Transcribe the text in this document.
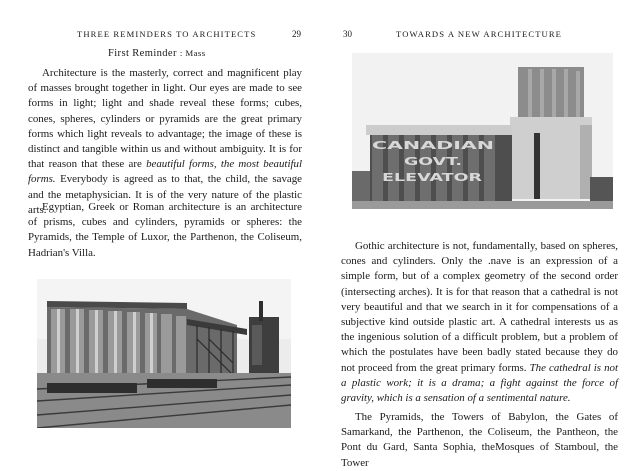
THREE REMINDERS TO ARCHITECTS	29
First Reminder : Mass

Architecture is the masterly, correct and magnificent play of masses brought together in light. Our eyes are made to see forms in light; light and shade reveal these forms; cubes, cones, spheres, cylinders or pyramids are the great primary forms which light reveals to advantage; the image of these is distinct and tangible within us and without ambiguity. It is for that reason that these are beautiful forms, the most beautiful forms. Everybody is agreed as to that, the child, the savage and the metaphysician. It is of the very nature of the plastic arts.

Egyptian, Greek or Roman architecture is an architecture of prisms, cubes and cylinders, pyramids or spheres: the Pyramids, the Temple of Luxor, the Parthenon, the Coliseum, Hadrian's Villa.

30	TOWARDS A NEW ARCHITECTURE
CANADIAN
GOVT.
ELEVATOR

Gothic architecture is not, fundamentally, based on spheres, cones and cylinders. Only the .nave is an expression of a simple form, but of a complex geometry of the second order (intersecting arches). It is for that reason that a cathedral is not very beautiful and that we search in it for compensations of a subjective kind outside plastic art. A cathedral interests us as the ingenious solution of a difficult problem, but a problem of which the postulates have been badly stated because they do not proceed from the great primary forms. The cathedral is not a plastic work; it is a drama; a fight against the force of gravity, which is a sensation of a sentimental nature.

The Pyramids, the Towers of Babylon, the Gates of Samarkand, the Parthenon, the Coliseum, the Pantheon, the Pont du Gard, Santa Sophia, theMosques of Stamboul, the Tower
